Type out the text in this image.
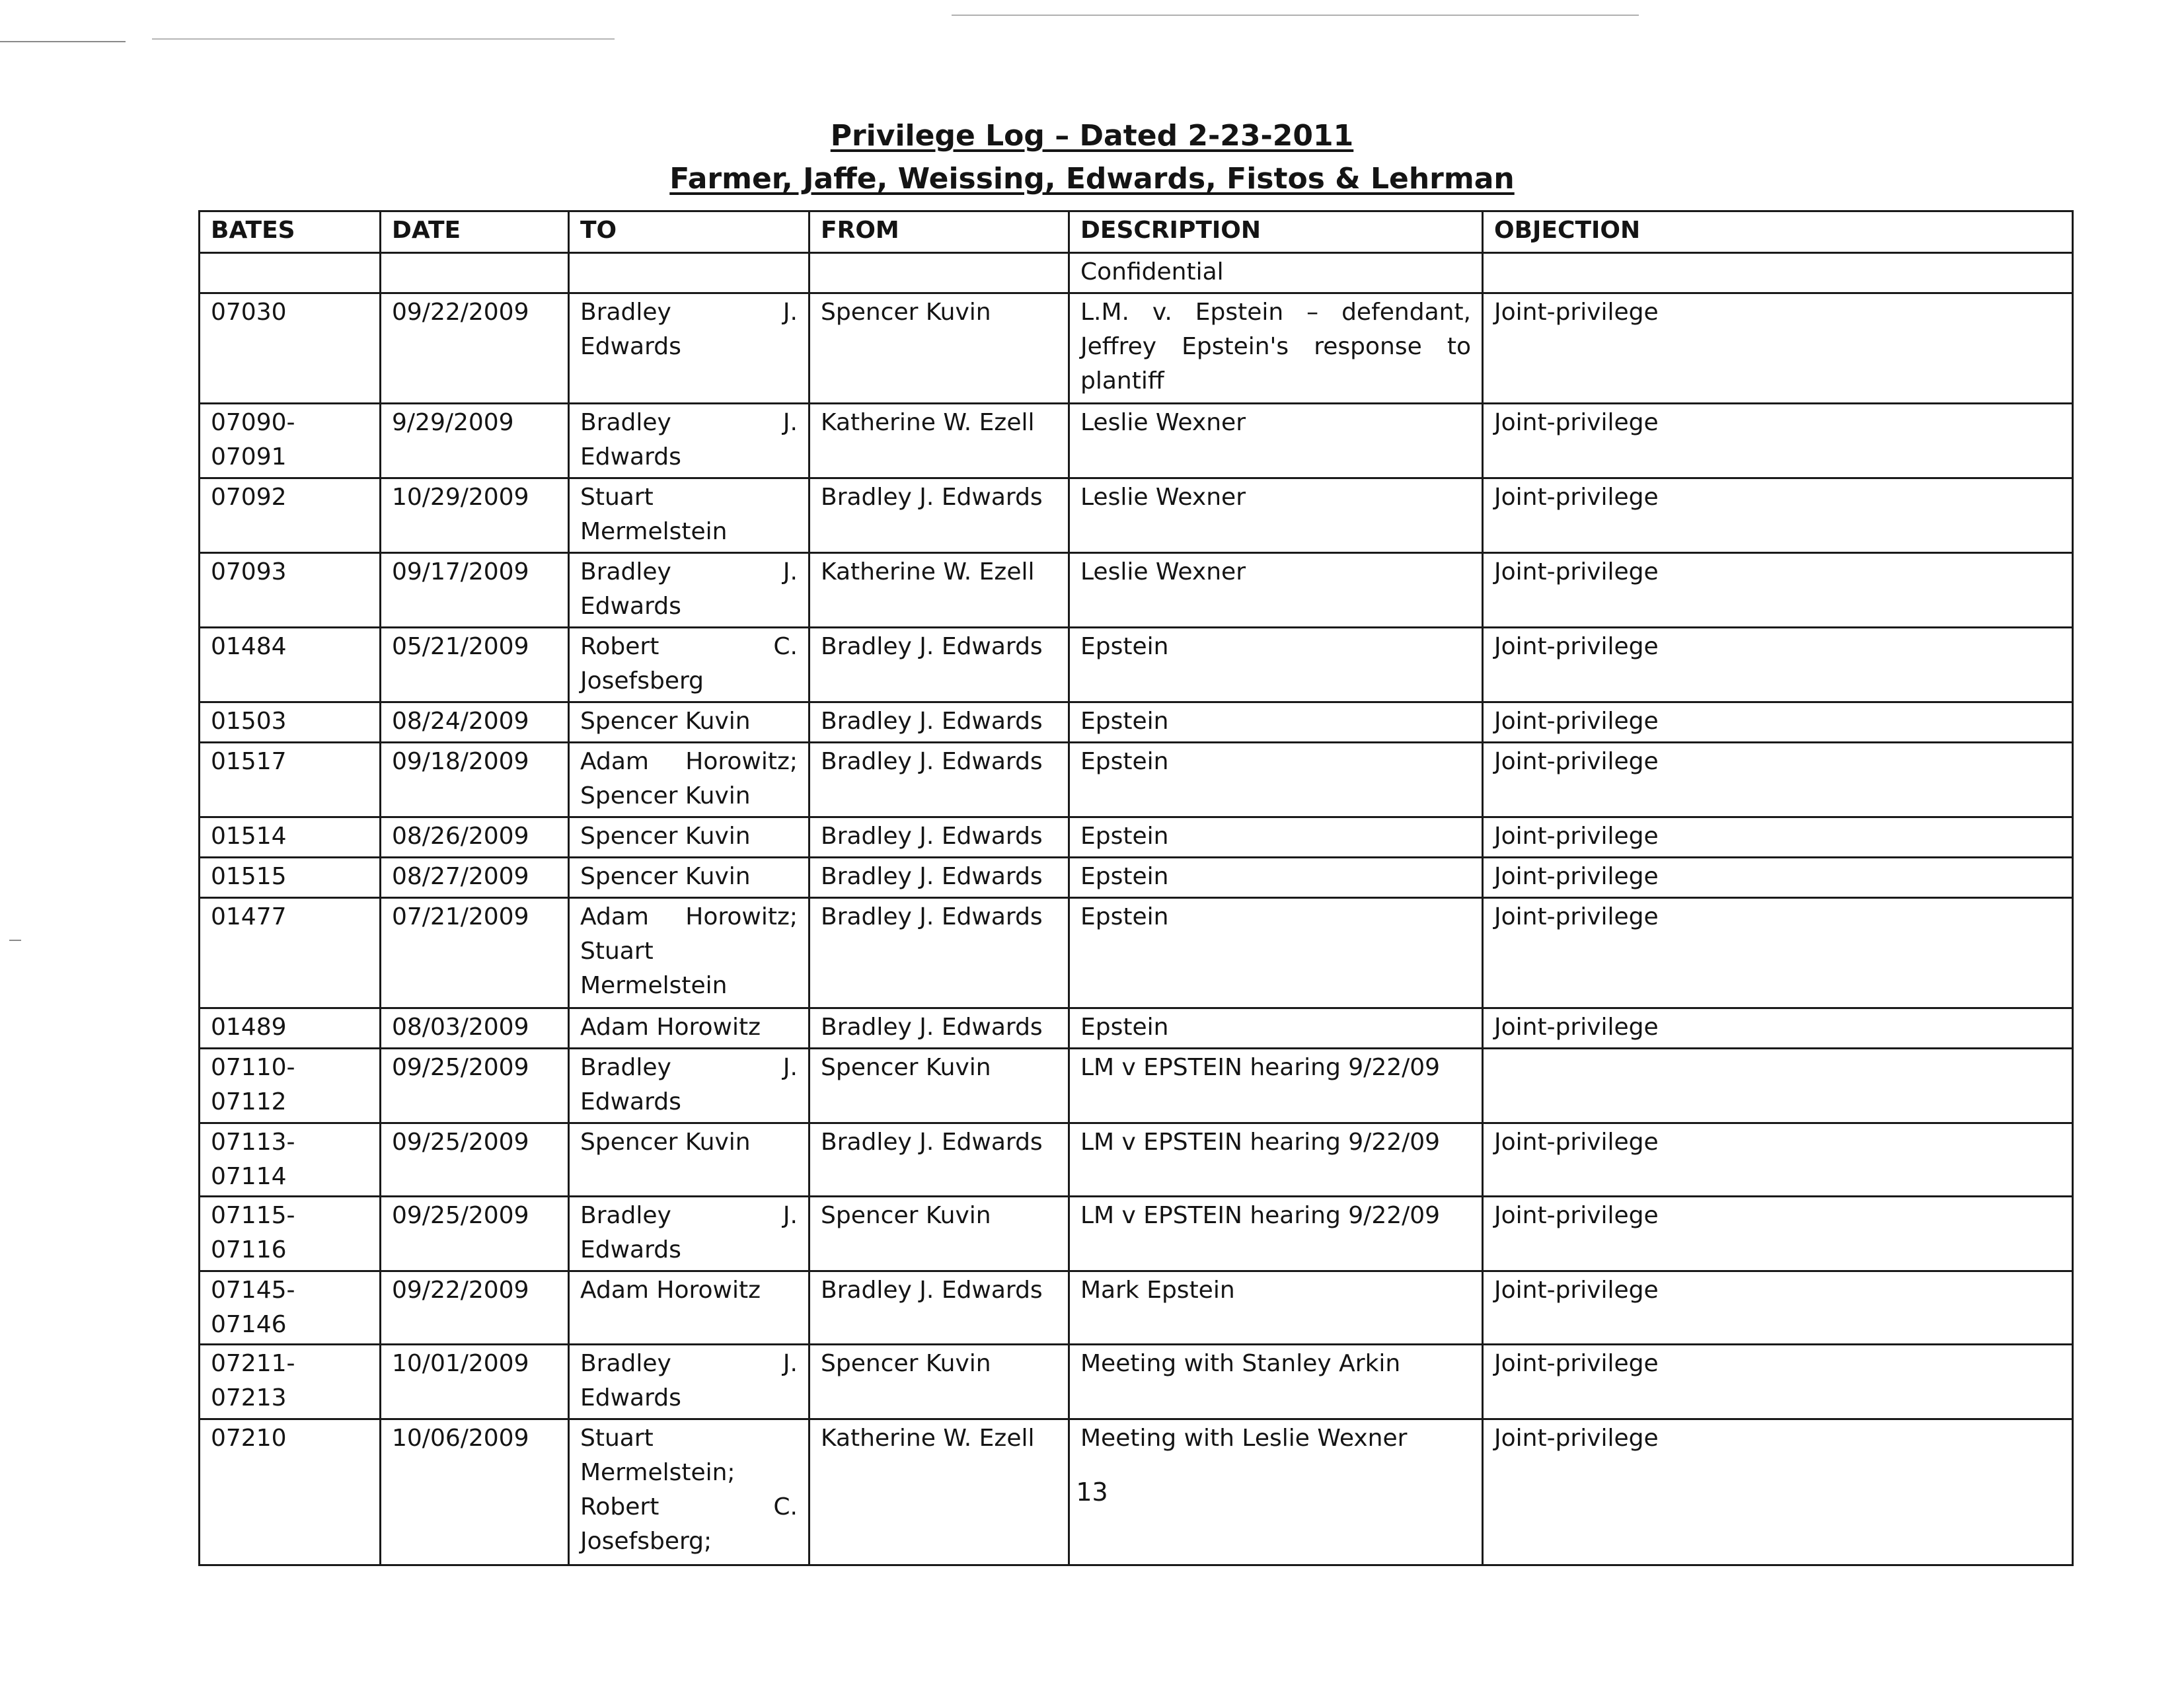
Privilege Log – Dated 2-23-2011
Farmer, Jaffe, Weissing, Edwards, Fistos & Lehrman
BATES	DATE	TO	FROM	DESCRIPTION	OBJECTION
				Confidential	
07030	09/22/2009	Bradley J. Edwards	Spencer Kuvin	L.M. v. Epstein – defendant, Jeffrey Epstein's response to plantiff	Joint-privilege
07090-07091	9/29/2009	Bradley J. Edwards	Katherine W. Ezell	Leslie Wexner	Joint-privilege
07092	10/29/2009	Stuart Mermelstein	Bradley J. Edwards	Leslie Wexner	Joint-privilege
07093	09/17/2009	Bradley J. Edwards	Katherine W. Ezell	Leslie Wexner	Joint-privilege
01484	05/21/2009	Robert C. Josefsberg	Bradley J. Edwards	Epstein	Joint-privilege
01503	08/24/2009	Spencer Kuvin	Bradley J. Edwards	Epstein	Joint-privilege
01517	09/18/2009	Adam Horowitz; Spencer Kuvin	Bradley J. Edwards	Epstein	Joint-privilege
01514	08/26/2009	Spencer Kuvin	Bradley J. Edwards	Epstein	Joint-privilege
01515	08/27/2009	Spencer Kuvin	Bradley J. Edwards	Epstein	Joint-privilege
01477	07/21/2009	Adam Horowitz; Stuart Mermelstein	Bradley J. Edwards	Epstein	Joint-privilege
01489	08/03/2009	Adam Horowitz	Bradley J. Edwards	Epstein	Joint-privilege
07110-07112	09/25/2009	Bradley J. Edwards	Spencer Kuvin	LM v EPSTEIN hearing 9/22/09	
07113-07114	09/25/2009	Spencer Kuvin	Bradley J. Edwards	LM v EPSTEIN hearing 9/22/09	Joint-privilege
07115-07116	09/25/2009	Bradley J. Edwards	Spencer Kuvin	LM v EPSTEIN hearing 9/22/09	Joint-privilege
07145-07146	09/22/2009	Adam Horowitz	Bradley J. Edwards	Mark Epstein	Joint-privilege
07211-07213	10/01/2009	Bradley J. Edwards	Spencer Kuvin	Meeting with Stanley Arkin	Joint-privilege
07210	10/06/2009	Stuart Mermelstein; Robert C. Josefsberg;	Katherine W. Ezell	Meeting with Leslie Wexner	Joint-privilege
13
